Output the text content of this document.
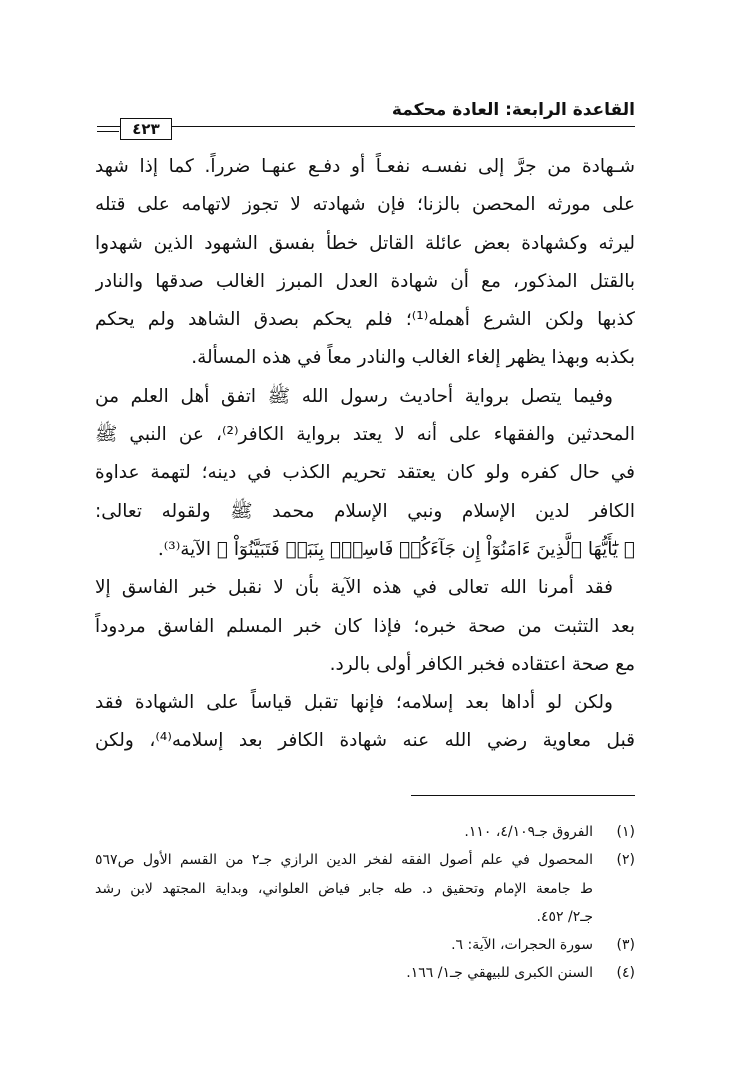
القاعدة الرابعة: العادة محكمة
٤٢٣
شـهادة من جرَّ إلى نفسـه نفعـاً أو دفـع عنهـا ضرراً. كما إذا شهد
على مورثه المحصن بالزنا؛ فإن شهادته لا تجوز لاتهامه على قتله
ليرثه وكشهادة بعض عائلة القاتل خطأ بفسق الشهود الذين شهدوا
بالقتل المذكور، مع أن شهادة العدل المبرز الغالب صدقها والنادر
كذبها ولكن الشرع أهمله⁽¹⁾؛ فلم يحكم بصدق الشاهد ولم يحكم
بكذبه وبهذا يظهر إلغاء الغالب والنادر معاً في هذه المسألة.
وفيما يتصل برواية أحاديث رسول الله ﷺ اتفق أهل العلم من
المحدثين والفقهاء على أنه لا يعتد برواية الكافر⁽²⁾، عن النبي ﷺ
في حال كفره ولو كان يعتقد تحريم الكذب في دينه؛ لتهمة عداوة
الكافر لدين الإسلام ونبي الإسلام محمد ﷺ ولقوله تعالى:
﴿ يَٰٓأَيُّهَا ٱلَّذِينَ ءَامَنُوٓاْ إِن جَآءَكُمۡ فَاسِقُۢ بِنَبَإٖ فَتَبَيَّنُوٓاْ ﴾ الآية⁽³⁾.
فقد أمرنا الله تعالى في هذه الآية بأن لا نقبل خبر الفاسق إلا
بعد التثبت من صحة خبره؛ فإذا كان خبر المسلم الفاسق مردوداً
مع صحة اعتقاده فخبر الكافر أولى بالرد.
ولكن لو أداها بعد إسلامه؛ فإنها تقبل قياساً على الشهادة فقد
قبل معاوية رضي الله عنه شهادة الكافر بعد إسلامه⁽⁴⁾، ولكن
(١)
الفروق جـ٤/١٠٩، ١١٠.
(٢)
المحصول في علم أصول الفقه لفخر الدين الرازي جـ٢ من القسم الأول ص٥٦٧
ط جامعة الإمام وتحقيق د. طه جابر فياض العلواني، وبداية المجتهد لابن رشد
جـ٢/ ٤٥٢.
(٣)
سورة الحجرات، الآية: ٦.
(٤)
السنن الكبرى للبيهقي جـ١/ ١٦٦.
